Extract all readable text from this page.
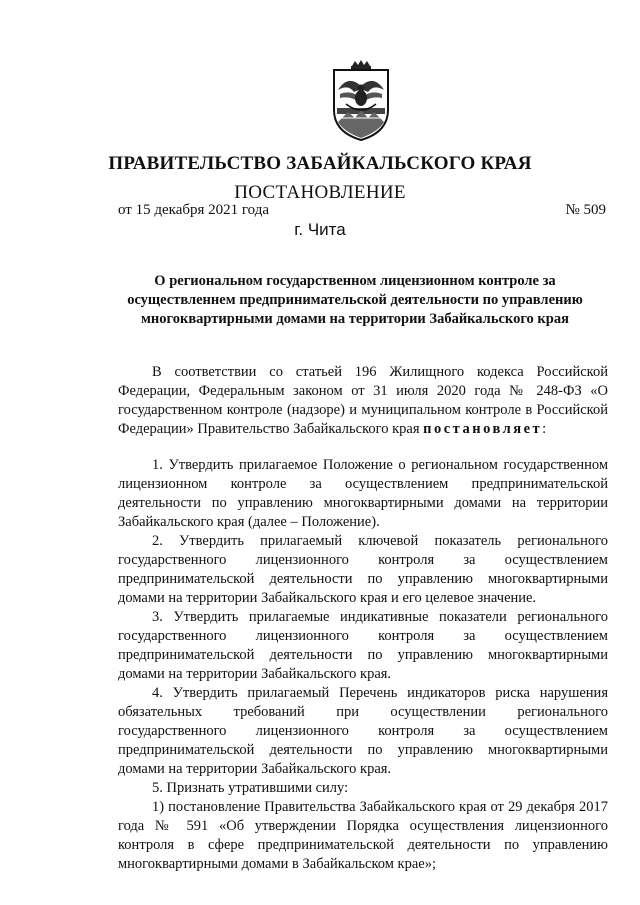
ПРАВИТЕЛЬСТВО ЗАБАЙКАЛЬСКОГО КРАЯ
ПОСТАНОВЛЕНИЕ
от 15 декабря 2021 года	№ 509
г. Чита
О региональном государственном лицензионном контроле за осуществленнем предпринимательской деятельности по управлению многоквартирными домами на территории Забайкальского края

В соответствии со статьей 196 Жилищного кодекса Российской Федерации, Федеральным законом от 31 июля 2020 года № 248-ФЗ «О государственном контроле (надзоре) и муниципальном контроле в Российской Федерации» Правительство Забайкальского края постановляет:

1. Утвердить прилагаемое Положение о региональном государственном лицензионном контроле за осуществлением предпринимательской деятельности по управлению многоквартирными домами на территории Забайкальского края (далее – Положение).

2. Утвердить прилагаемый ключевой показатель регионального государственного лицензионного контроля за осуществлением предпринимательской деятельности по управлению многоквартирными домами на территории Забайкальского края и его целевое значение.

3. Утвердить прилагаемые индикативные показатели регионального государственного лицензионного контроля за осуществлением предпринимательской деятельности по управлению многоквартирными домами на территории Забайкальского края.

4. Утвердить прилагаемый Перечень индикаторов риска нарушения обязательных требований при осуществлении регионального государственного лицензионного контроля за осуществлением предпринимательской деятельности по управлению многоквартирными домами на территории Забайкальского края.

5. Признать утратившими силу:

1) постановление Правительства Забайкальского края от 29 декабря 2017 года № 591 «Об утверждении Порядка осуществления лицензионного контроля в сфере предпринимательской деятельности по управлению многоквартирными домами в Забайкальском крае»;
